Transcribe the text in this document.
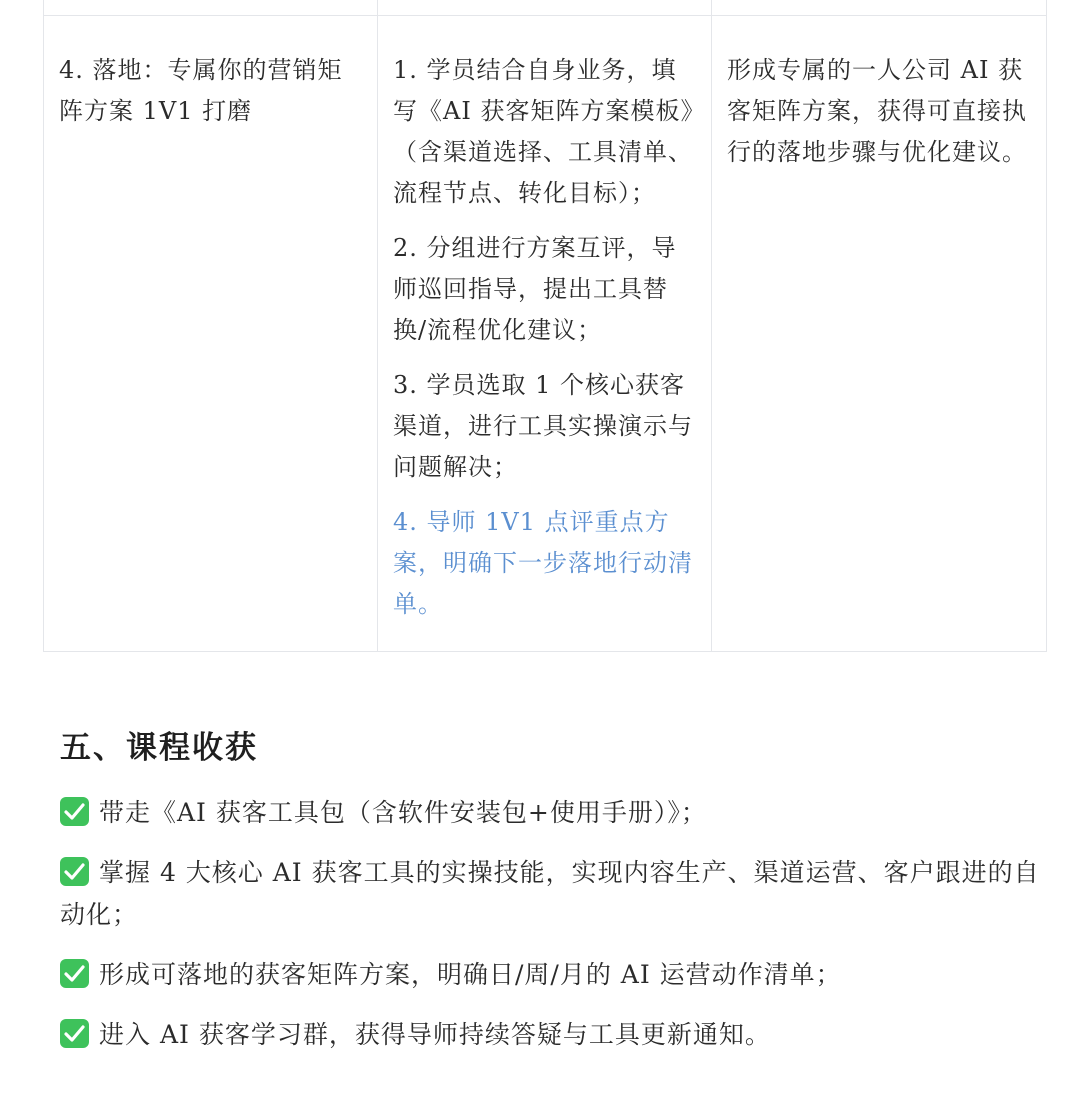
4. 落地：专属你的营销矩阵方案 1V1 打磨	1. 学员结合自身业务，填写《AI 获客矩阵方案模板》（含渠道选择、工具清单、流程节点、转化目标）；

2. 分组进行方案互评，导师巡回指导，提出工具替换/流程优化建议；

3. 学员选取 1 个核心获客渠道，进行工具实操演示与问题解决；

4. 导师 1V1 点评重点方案，明确下一步落地行动清单。	形成专属的一人公司 AI 获客矩阵方案，获得可直接执行的落地步骤与优化建议。
五、课程收获
带走《AI 获客工具包（含软件安装包+使用手册）》；
掌握 4 大核心 AI 获客工具的实操技能，实现内容生产、渠道运营、客户跟进的自动化；
形成可落地的获客矩阵方案，明确日/周/月的 AI 运营动作清单；
进入 AI 获客学习群，获得导师持续答疑与工具更新通知。
